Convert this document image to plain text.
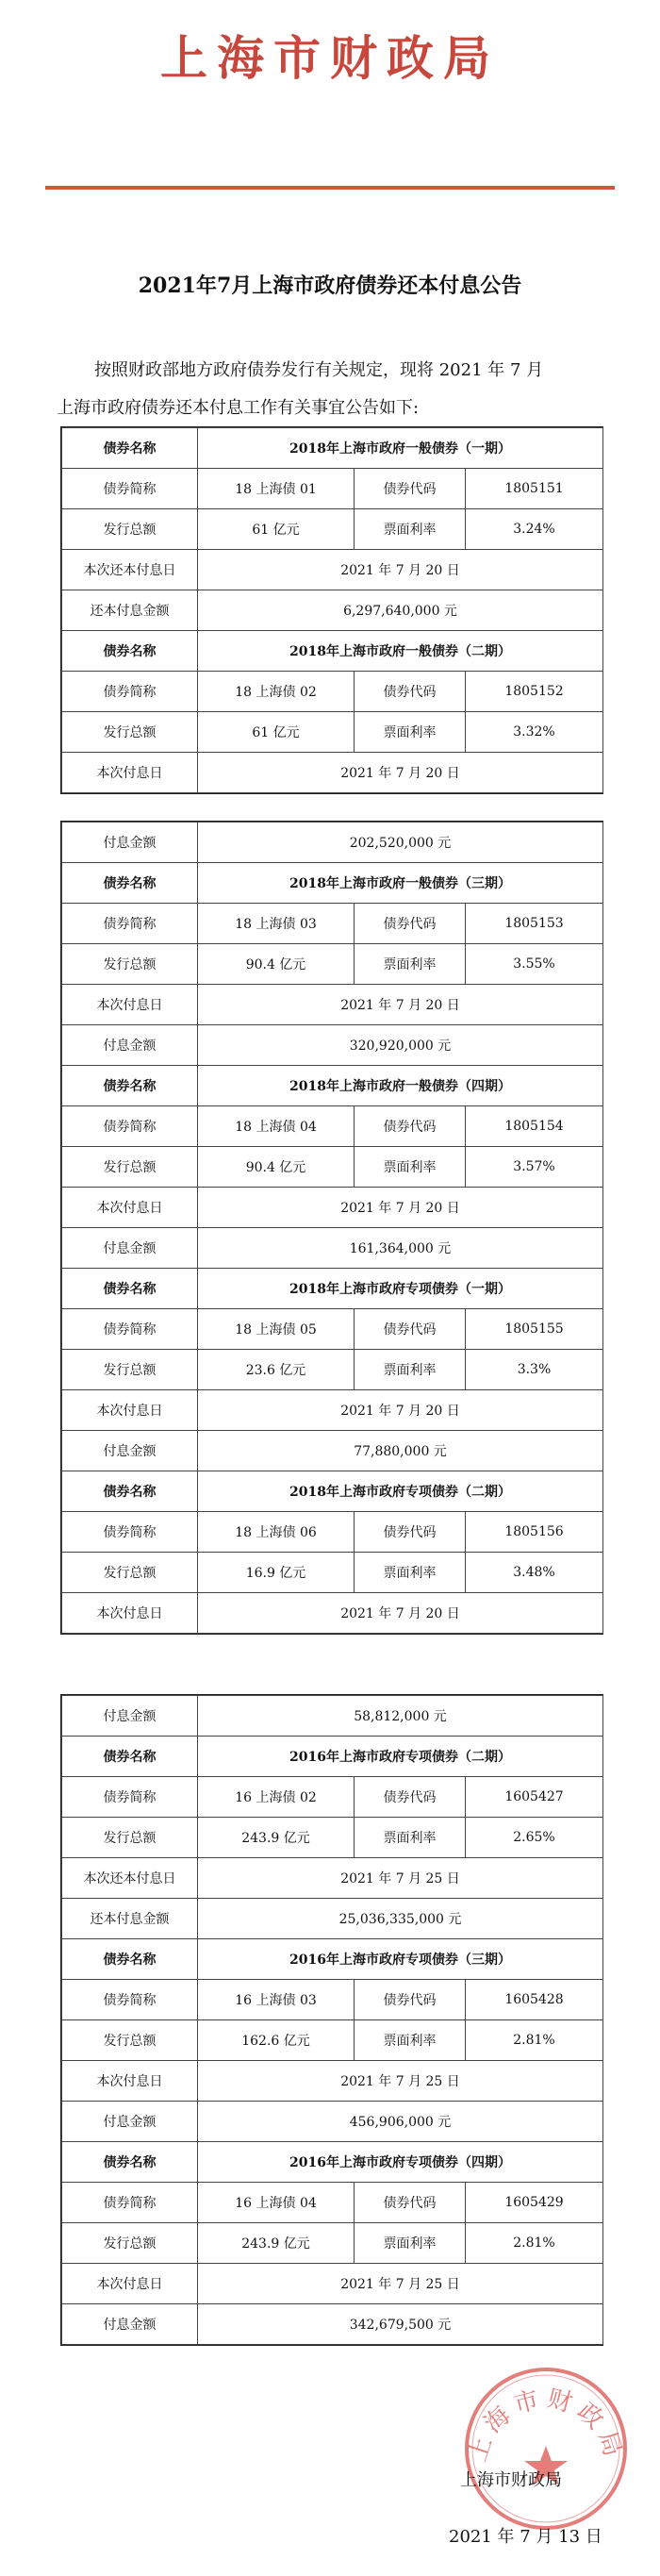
上海市财政局
2021年7月上海市政府债券还本付息公告
按照财政部地方政府债券发行有关规定，现将 2021 年 7 月
上海市政府债券还本付息工作有关事宜公告如下:
债券名称	2018年上海市政府一般债券（一期）		
债券简称	18 上海债 01	债券代码	1805151
发行总额	61 亿元	票面利率	3.24%
本次还本付息日	2021 年 7 月 20 日		
还本付息金额	6,297,640,000 元		
债券名称	2018年上海市政府一般债券（二期）		
债券简称	18 上海债 02	债券代码	1805152
发行总额	61 亿元	票面利率	3.32%
本次付息日	2021 年 7 月 20 日		
付息金额	202,520,000 元		
债券名称	2018年上海市政府一般债券（三期）		
债券简称	18 上海债 03	债券代码	1805153
发行总额	90.4 亿元	票面利率	3.55%
本次付息日	2021 年 7 月 20 日		
付息金额	320,920,000 元		
债券名称	2018年上海市政府一般债券（四期）		
债券简称	18 上海债 04	债券代码	1805154
发行总额	90.4 亿元	票面利率	3.57%
本次付息日	2021 年 7 月 20 日		
付息金额	161,364,000 元		
债券名称	2018年上海市政府专项债券（一期）		
债券简称	18 上海债 05	债券代码	1805155
发行总额	23.6 亿元	票面利率	3.3%
本次付息日	2021 年 7 月 20 日		
付息金额	77,880,000 元		
债券名称	2018年上海市政府专项债券（二期）		
债券简称	18 上海债 06	债券代码	1805156
发行总额	16.9 亿元	票面利率	3.48%
本次付息日	2021 年 7 月 20 日		
付息金额	58,812,000 元		
债券名称	2016年上海市政府专项债券（二期）		
债券简称	16 上海债 02	债券代码	1605427
发行总额	243.9 亿元	票面利率	2.65%
本次还本付息日	2021 年 7 月 25 日		
还本付息金额	25,036,335,000 元		
债券名称	2016年上海市政府专项债券（三期）		
债券简称	16 上海债 03	债券代码	1605428
发行总额	162.6 亿元	票面利率	2.81%
本次付息日	2021 年 7 月 25 日		
付息金额	456,906,000 元		
债券名称	2016年上海市政府专项债券（四期）		
债券简称	16 上海债 04	债券代码	1605429
发行总额	243.9 亿元	票面利率	2.81%
本次付息日	2021 年 7 月 25 日		
付息金额	342,679,500 元		
上海市财政局
上海市财政局
2021 年 7 月 13 日
